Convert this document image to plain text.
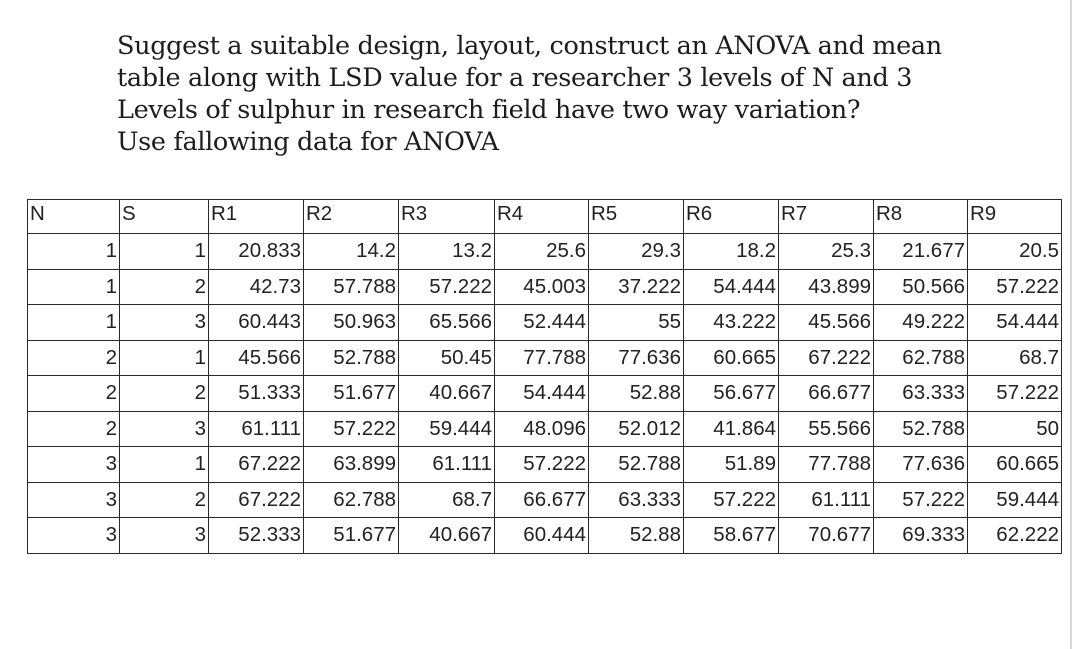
Suggest a suitable design, layout, construct an ANOVA and mean
table along with LSD value for a researcher 3 levels of N and 3
Levels of sulphur in research field have two way variation?
Use fallowing data for ANOVA
N	S	R1	R2	R3	R4	R5	R6	R7	R8	R9
1	1	20.833	14.2	13.2	25.6	29.3	18.2	25.3	21.677	20.5
1	2	42.73	57.788	57.222	45.003	37.222	54.444	43.899	50.566	57.222
1	3	60.443	50.963	65.566	52.444	55	43.222	45.566	49.222	54.444
2	1	45.566	52.788	50.45	77.788	77.636	60.665	67.222	62.788	68.7
2	2	51.333	51.677	40.667	54.444	52.88	56.677	66.677	63.333	57.222
2	3	61.111	57.222	59.444	48.096	52.012	41.864	55.566	52.788	50
3	1	67.222	63.899	61.111	57.222	52.788	51.89	77.788	77.636	60.665
3	2	67.222	62.788	68.7	66.677	63.333	57.222	61.111	57.222	59.444
3	3	52.333	51.677	40.667	60.444	52.88	58.677	70.677	69.333	62.222
